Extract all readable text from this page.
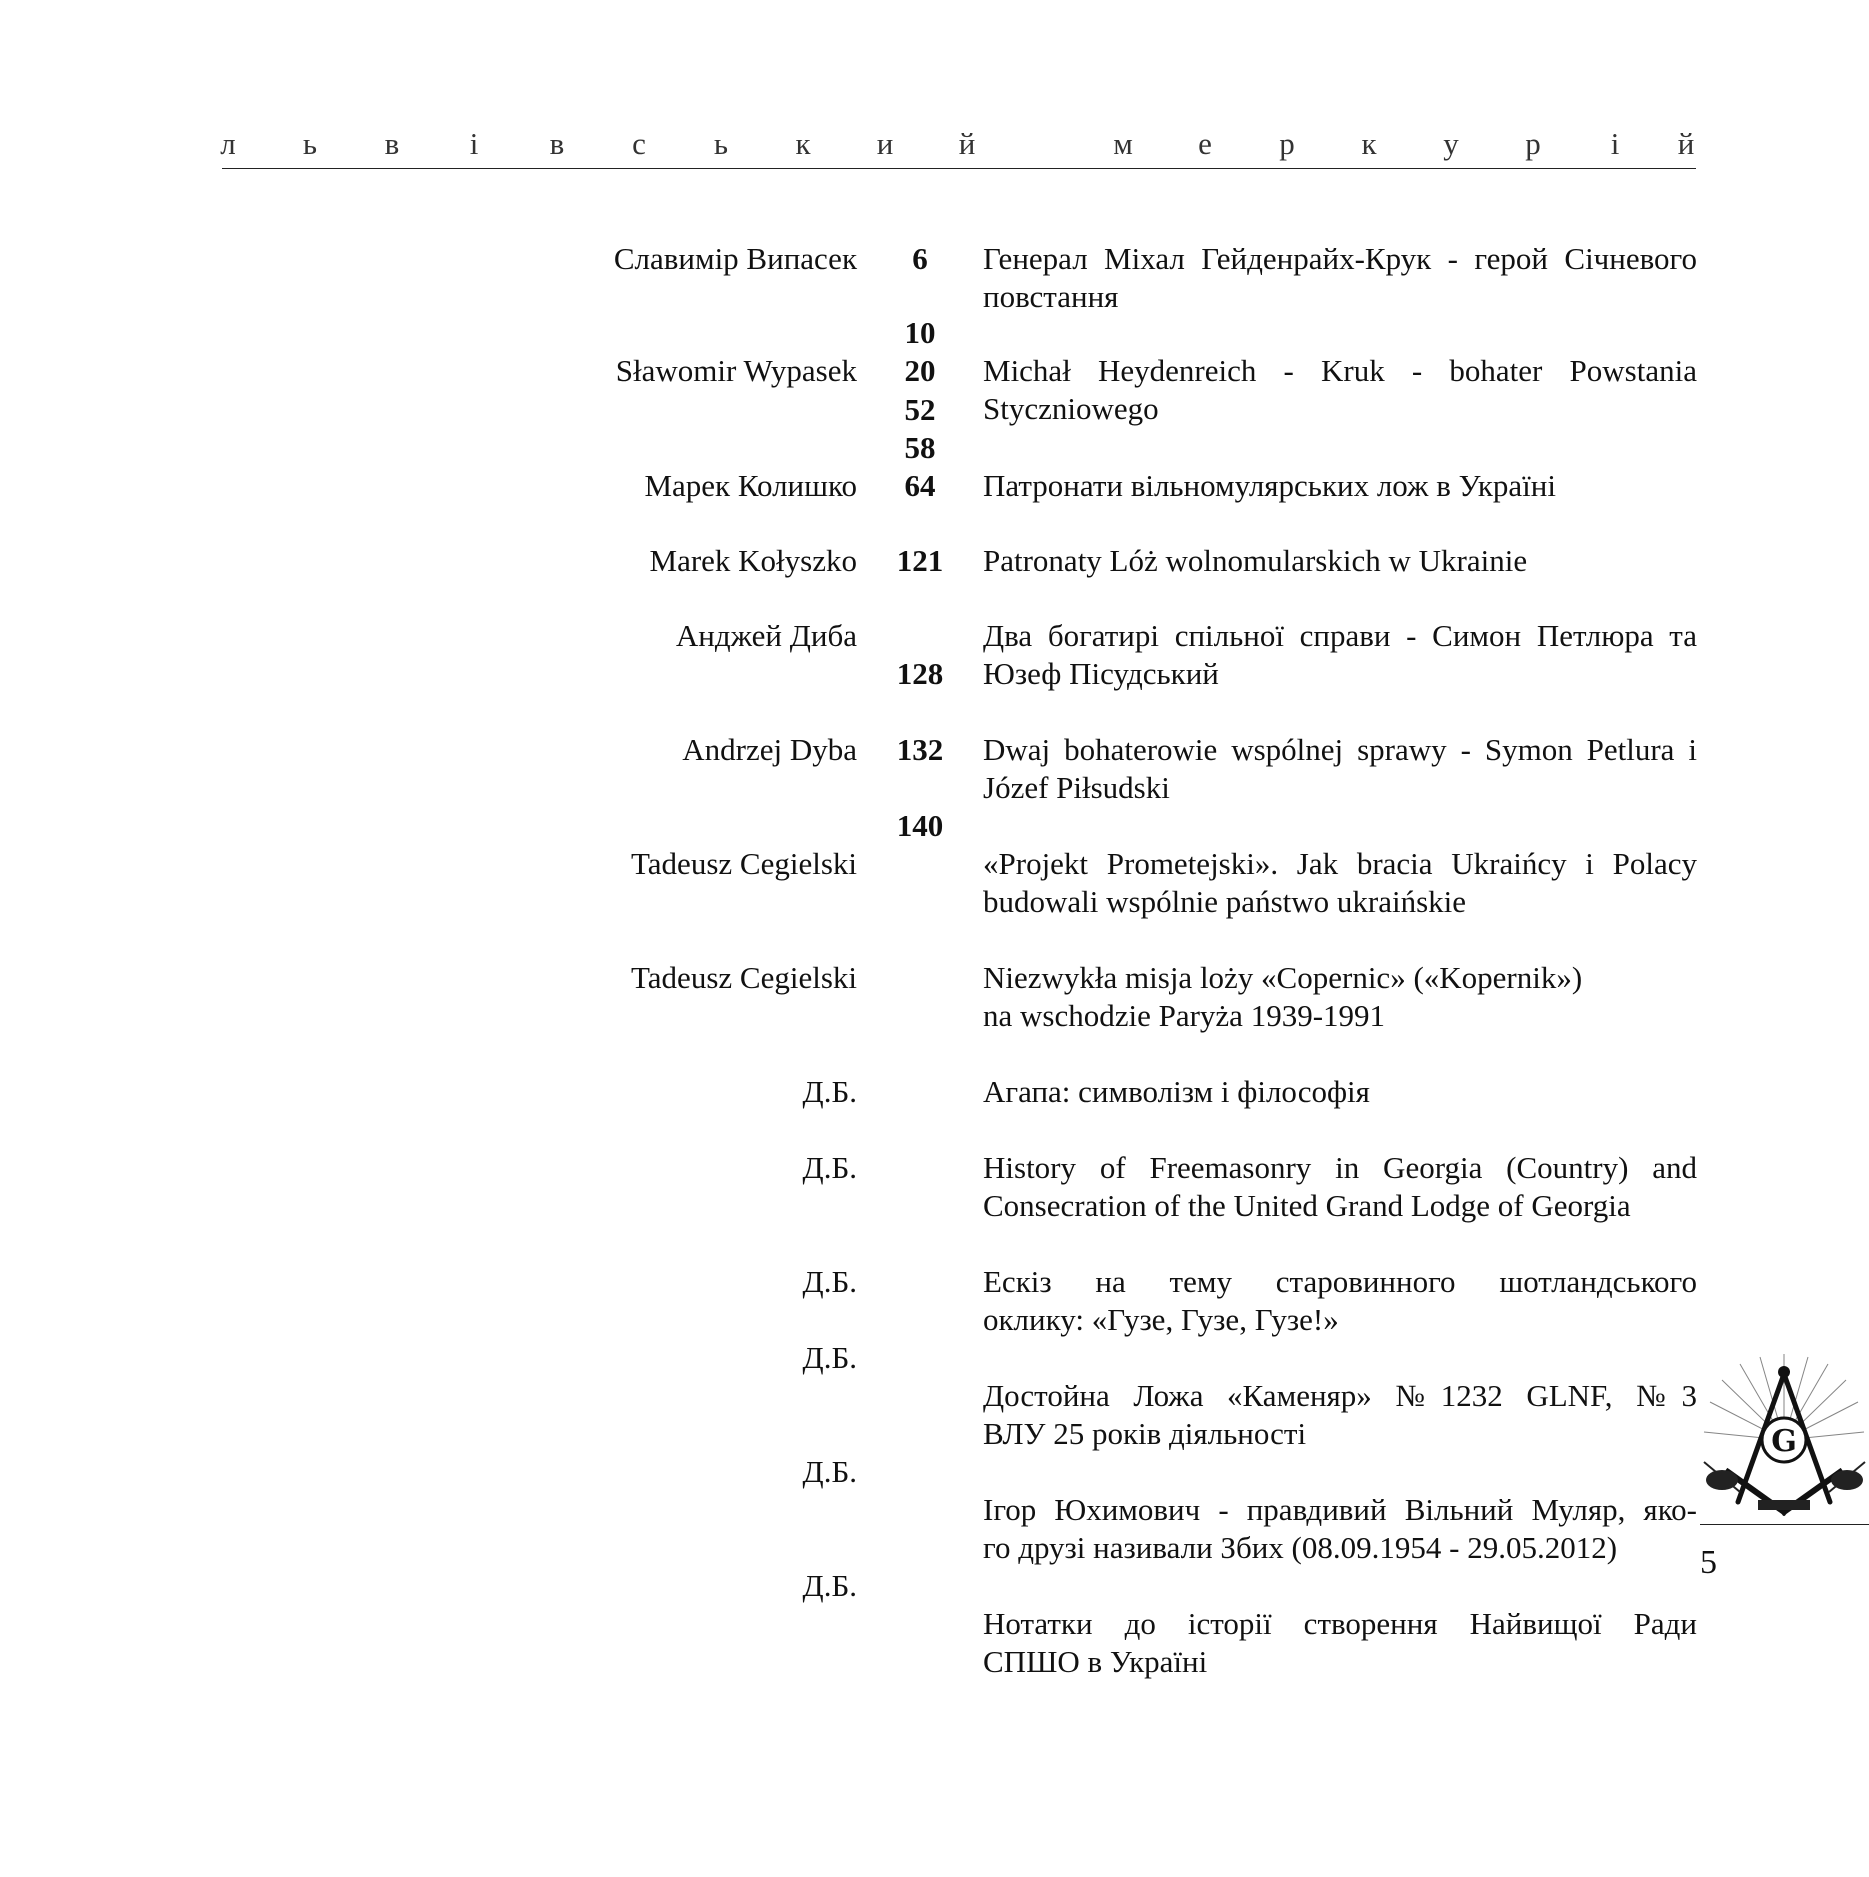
л ь в і в с ь к и й	м е р к у р і й
Славимір Випасек
Sławomir Wypasek
Марек Колишко
Marek Kołyszko
Анджей Диба
Andrzej Dyba
Tadeusz Cegielski
Tadeusz Cegielski
Д.Б.
Д.Б.
Д.Б.
Д.Б.
Д.Б.
Д.Б.
6
10
20
52
58
64
121
128
132
140
Генерал Міхал Гейденрайх-Крук - герой Січневого
повстання
Michał Heydenreich - Kruk - bohater Powstania
Styczniowego
Патронати вільномулярських лож в Україні
Patronaty Lóż wolnomularskich w Ukrainie
Два богатирі спільної справи - Симон Петлюра та
Юзеф Пісудський
Dwaj bohaterowie wspólnej sprawy - Symon Petlura i
Józef Piłsudski
«Projekt Prometejski». Jak bracia Ukraińcy i Polacy
budowali wspólnie państwo ukraińskie
Niezwykła misja loży «Copernic» («Kopernik»)
na wschodzie Paryża 1939-1991
Агапа: символізм і філософія
History of Freemasonry in Georgia (Country) and
Consecration of the United Grand Lodge of Georgia
Ескіз на тему старовинного шотландського
оклику: «Гузе, Гузе, Гузе!»
Достойна Ложа «Каменяр» №1232 GLNF, №3
ВЛУ 25 років діяльності
Ігор Юхимович - правдивий Вільний Муляр, яко-
го друзі називали Збих (08.09.1954 - 29.05.2012)
Нотатки до історії створення Найвищої Ради
СПШО в Україні
G
5
